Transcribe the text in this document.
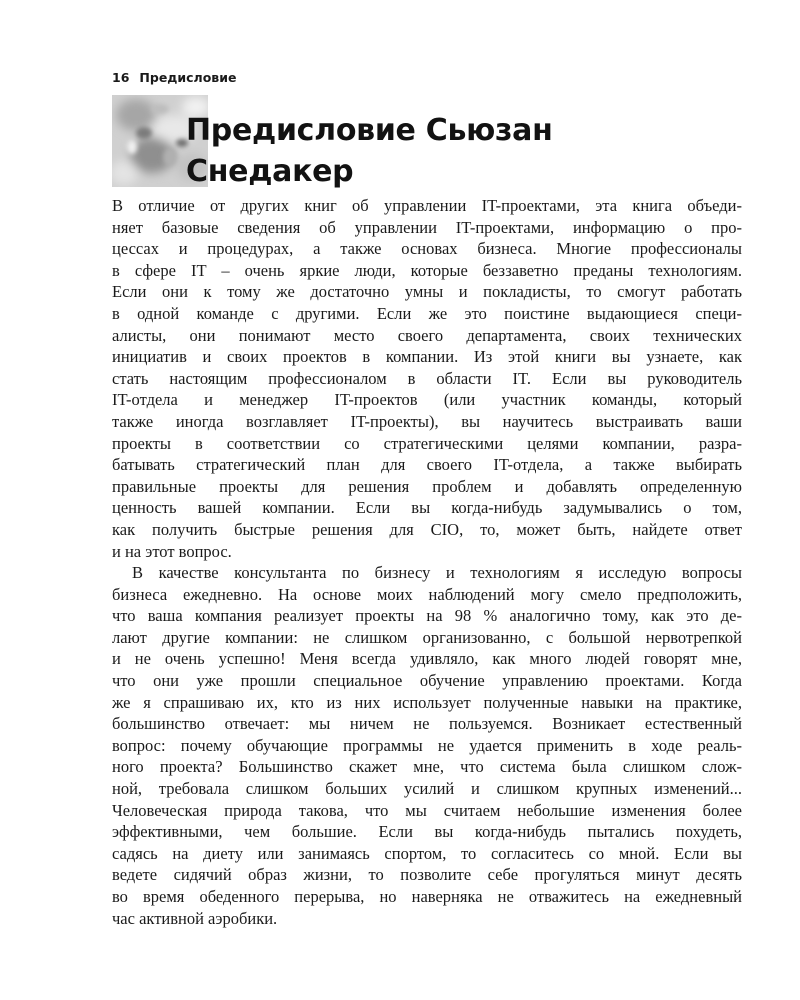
16 Предисловие
Предисловие Сьюзан
Снедакер
В отличие от других книг об управлении IT-проектами, эта книга объеди-
няет базовые сведения об управлении IT-проектами, информацию о про-
цессах и процедурах, а также основах бизнеса. Многие профессионалы
в сфере IT – очень яркие люди, которые беззаветно преданы технологиям.
Если они к тому же достаточно умны и покладисты, то смогут работать
в одной команде с другими. Если же это поистине выдающиеся специ-
алисты, они понимают место своего департамента, своих технических
инициатив и своих проектов в компании. Из этой книги вы узнаете, как
стать настоящим профессионалом в области IT. Если вы руководитель
IT-отдела и менеджер IT-проектов (или участник команды, который
также иногда возглавляет IT-проекты), вы научитесь выстраивать ваши
проекты в соответствии со стратегическими целями компании, разра-
батывать стратегический план для своего IT-отдела, а также выбирать
правильные проекты для решения проблем и добавлять определенную
ценность вашей компании. Если вы когда-нибудь задумывались о том,
как получить быстрые решения для CIO, то, может быть, найдете ответ
и на этот вопрос.
В качестве консультанта по бизнесу и технологиям я исследую вопросы
бизнеса ежедневно. На основе моих наблюдений могу смело предположить,
что ваша компания реализует проекты на 98 % аналогично тому, как это де-
лают другие компании: не слишком организованно, с большой нервотрепкой
и не очень успешно! Меня всегда удивляло, как много людей говорят мне,
что они уже прошли специальное обучение управлению проектами. Когда
же я спрашиваю их, кто из них использует полученные навыки на практике,
большинство отвечает: мы ничем не пользуемся. Возникает естественный
вопрос: почему обучающие программы не удается применить в ходе реаль-
ного проекта? Большинство скажет мне, что система была слишком слож-
ной, требовала слишком больших усилий и слишком крупных изменений...
Человеческая природа такова, что мы считаем небольшие изменения более
эффективными, чем большие. Если вы когда-нибудь пытались похудеть,
садясь на диету или занимаясь спортом, то согласитесь со мной. Если вы
ведете сидячий образ жизни, то позволите себе прогуляться минут десять
во время обеденного перерыва, но наверняка не отважитесь на ежедневный
час активной аэробики.
